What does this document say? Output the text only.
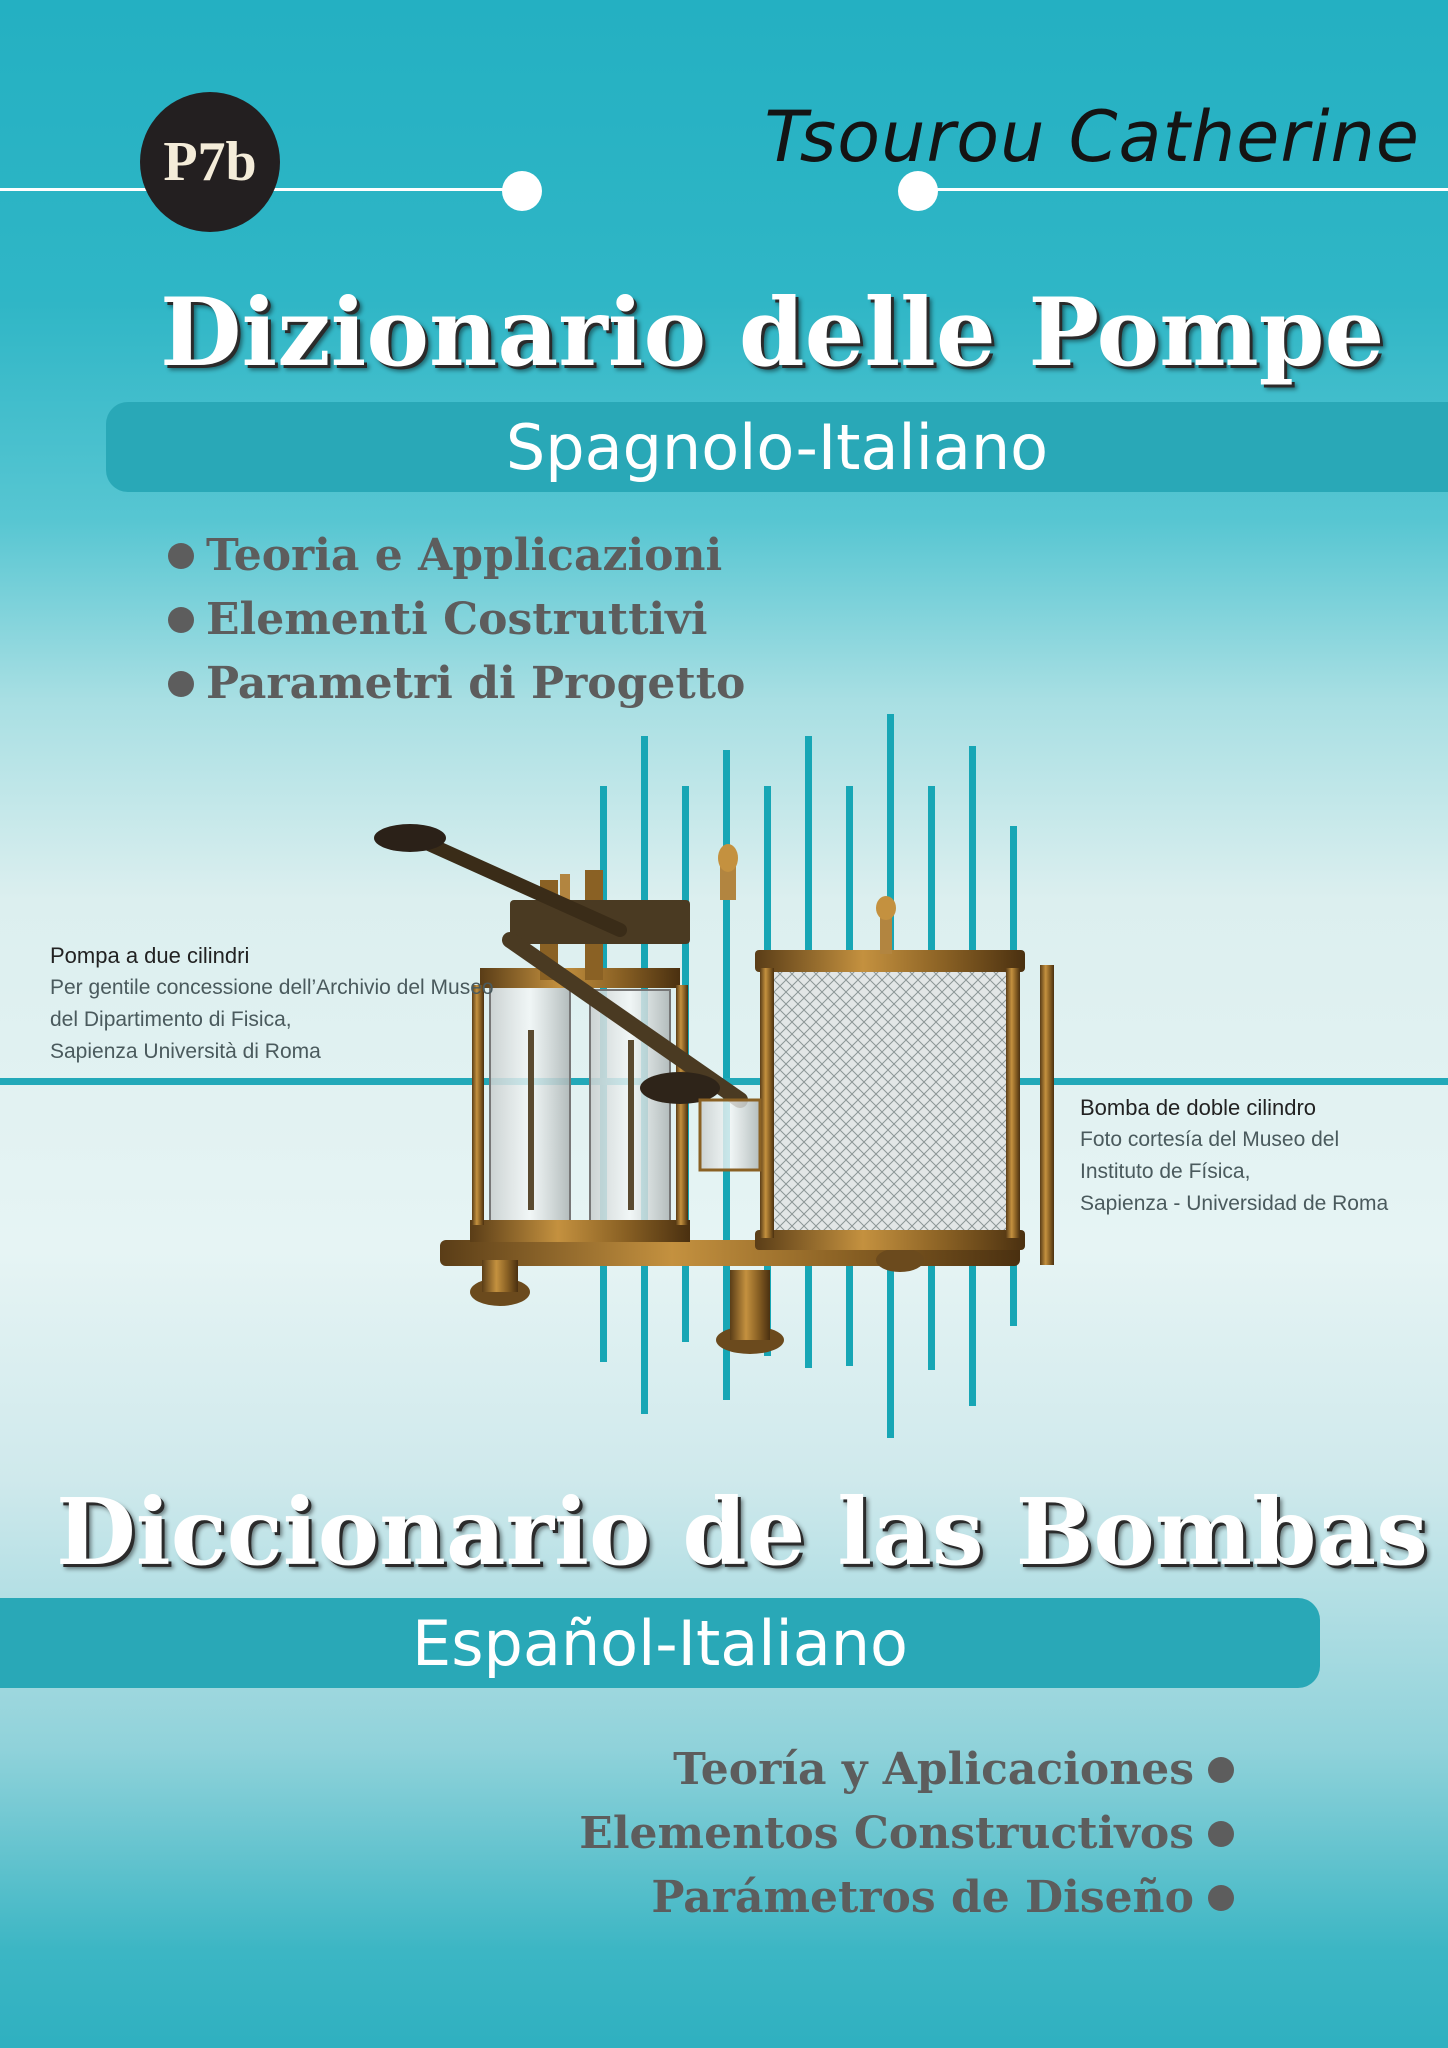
P7b	Tsourou Catherine
Dizionario delle Pompe
Spagnolo-Italiano
Teoria e Applicazioni
Elementi Costruttivi
Parametri di Progetto
Pompa a due cilindri
Per gentile concessione dell’Archivio del Museo
del Dipartimento di Fisica,
Sapienza Università di Roma
Bomba de doble cilindro
Foto cortesía del Museo del
Instituto de Física,
Sapienza - Universidad de Roma
Diccionario de las Bombas
Español-Italiano
Teoría y Aplicaciones
Elementos Constructivos
Parámetros de Diseño
